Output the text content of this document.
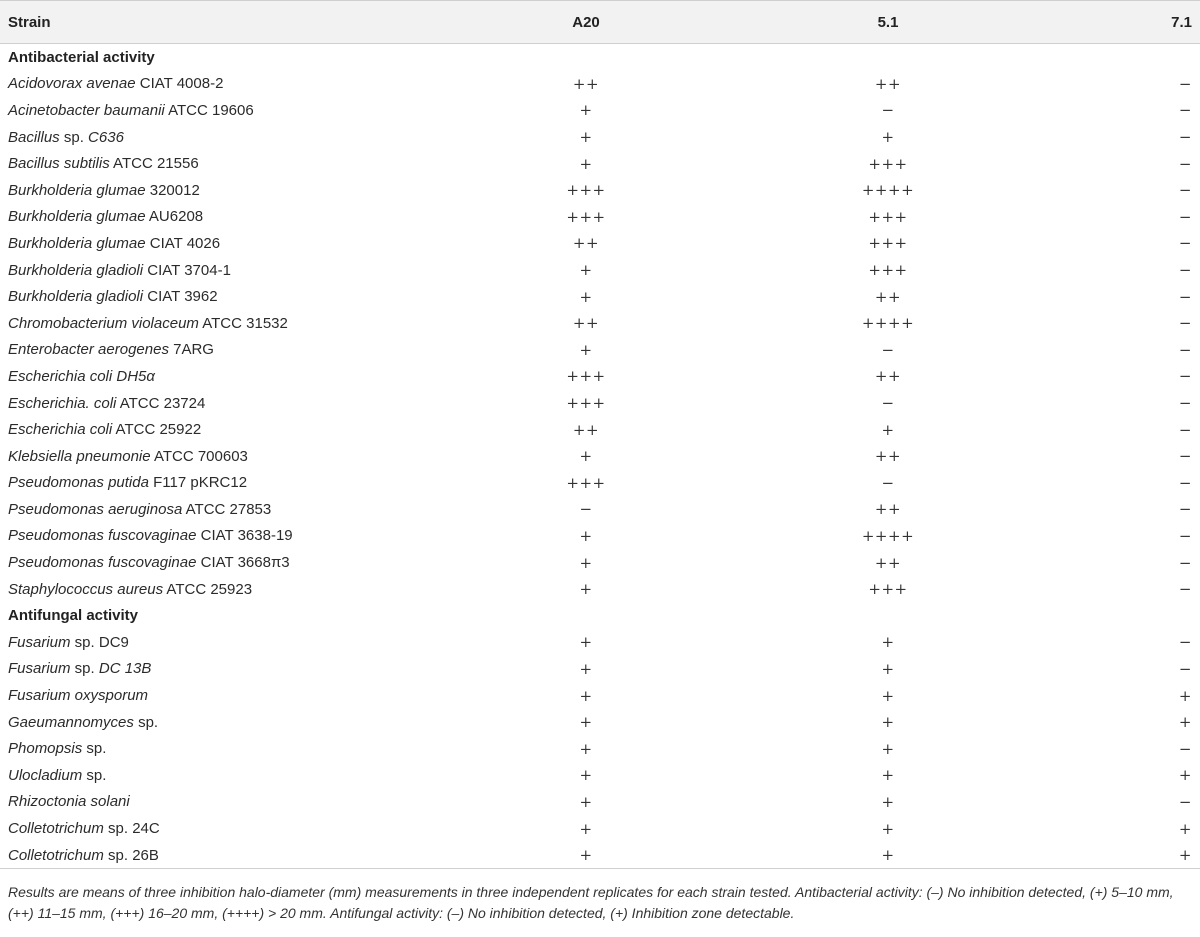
Strain	A20	5.1	7.1
Antibacterial activity
Acidovorax avenae CIAT 4008-2	++	++	−
Acinetobacter baumanii ATCC 19606	+	−	−
Bacillus sp. C636	+	+	−
Bacillus subtilis ATCC 21556	+	+++	−
Burkholderia glumae 320012	+++	++++	−
Burkholderia glumae AU6208	+++	+++	−
Burkholderia glumae CIAT 4026	++	+++	−
Burkholderia gladioli CIAT 3704-1	+	+++	−
Burkholderia gladioli CIAT 3962	+	++	−
Chromobacterium violaceum ATCC 31532	++	++++	−
Enterobacter aerogenes 7ARG	+	−	−
Escherichia coli DH5α	+++	++	−
Escherichia. coli ATCC 23724	+++	−	−
Escherichia coli ATCC 25922	++	+	−
Klebsiella pneumonie ATCC 700603	+	++	−
Pseudomonas putida F117 pKRC12	+++	−	−
Pseudomonas aeruginosa ATCC 27853	−	++	−
Pseudomonas fuscovaginae CIAT 3638-19	+	++++	−
Pseudomonas fuscovaginae CIAT 3668π3	+	++	−
Staphylococcus aureus ATCC 25923	+	+++	−
Antifungal activity
Fusarium sp. DC9	+	+	−
Fusarium sp. DC 13B	+	+	−
Fusarium oxysporum	+	+	+
Gaeumannomyces sp.	+	+	+
Phomopsis sp.	+	+	−
Ulocladium sp.	+	+	+
Rhizoctonia solani	+	+	−
Colletotrichum sp. 24C	+	+	+
Colletotrichum sp. 26B	+	+	+
Results are means of three inhibition halo-diameter (mm) measurements in three independent replicates for each strain tested. Antibacterial activity: (–) No inhibition detected, (+) 5–10 mm, (++) 11–15 mm, (+++) 16–20 mm, (++++) > 20 mm. Antifungal activity: (–) No inhibition detected, (+) Inhibition zone detectable.
